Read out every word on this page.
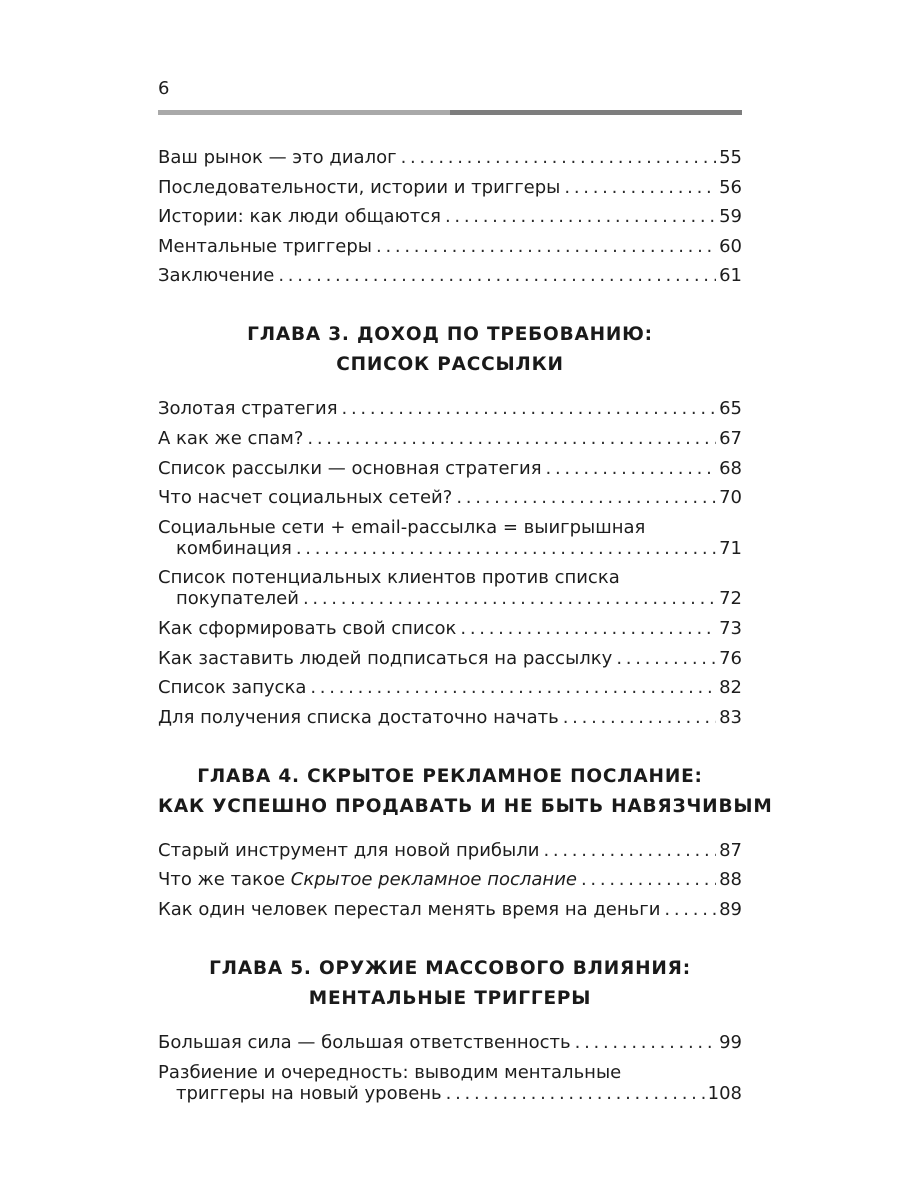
6
Ваш рынок — это диалог . . .	55
Последовательности, истории и триггеры . . .	56
Истории: как люди общаются . . .	59
Ментальные триггеры . . .	60
Заключение . . .	61
ГЛАВА 3. ДОХОД ПО ТРЕБОВАНИЮ:
СПИСОК РАССЫЛКИ
Золотая стратегия . . .	65
А как же спам? . . .	67
Список рассылки — основная стратегия . . .	68
Что насчет социальных сетей? . . .	70
Социальные сети + email-рассылка = выигрышная
комбинация . . .	71
Список потенциальных клиентов против списка
покупателей . . .	72
Как сформировать свой список . . .	73
Как заставить людей подписаться на рассылку . . .	76
Список запуска . . .	82
Для получения списка достаточно начать . . .	83
ГЛАВА 4. СКРЫТОЕ РЕКЛАМНОЕ ПОСЛАНИЕ:
КАК УСПЕШНО ПРОДАВАТЬ И НЕ БЫТЬ НАВЯЗЧИВЫМ
Старый инструмент для новой прибыли . . .	87
Что же такое Скрытое рекламное послание . . .	88
Как один человек перестал менять время на деньги . . .	89
ГЛАВА 5. ОРУЖИЕ МАССОВОГО ВЛИЯНИЯ:
МЕНТАЛЬНЫЕ ТРИГГЕРЫ
Большая сила — большая ответственность . . .	99
Разбиение и очередность: выводим ментальные
триггеры на новый уровень . . .	108
